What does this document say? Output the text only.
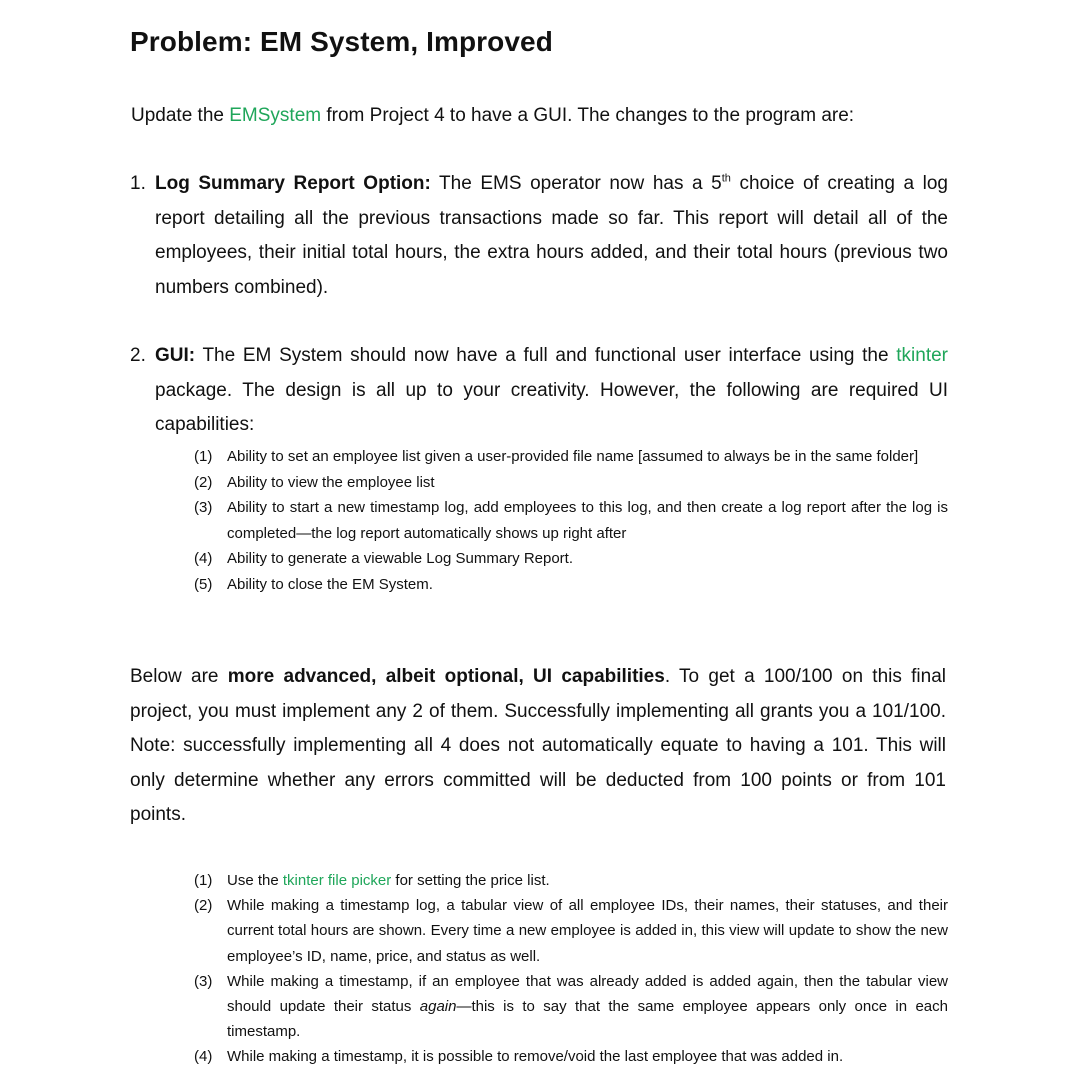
Problem: EM System, Improved

Update the EMSystem from Project 4 to have a GUI. The changes to the program are:

1. Log Summary Report Option: The EMS operator now has a 5th choice of creating a log report detailing all the previous transactions made so far. This report will detail all of the employees, their initial total hours, the extra hours added, and their total hours (previous two numbers combined).
2. GUI: The EM System should now have a full and functional user interface using the tkinter package. The design is all up to your creativity. However, the following are required UI capabilities:
(1) Ability to set an employee list given a user-provided file name [assumed to always be in the same folder]
(2) Ability to view the employee list
(3) Ability to start a new timestamp log, add employees to this log, and then create a log report after the log is completed—the log report automatically shows up right after
(4) Ability to generate a viewable Log Summary Report.
(5) Ability to close the EM System.

Below are more advanced, albeit optional, UI capabilities. To get a 100/100 on this final project, you must implement any 2 of them. Successfully implementing all grants you a 101/100. Note: successfully implementing all 4 does not automatically equate to having a 101. This will only determine whether any errors committed will be deducted from 100 points or from 101 points.

(1) Use the tkinter file picker for setting the price list.
(2) While making a timestamp log, a tabular view of all employee IDs, their names, their statuses, and their current total hours are shown. Every time a new employee is added in, this view will update to show the new employee’s ID, name, price, and status as well.
(3) While making a timestamp, if an employee that was already added is added again, then the tabular view should update their status again—this is to say that the same employee appears only once in each timestamp.
(4) While making a timestamp, it is possible to remove/void the last employee that was added in.
